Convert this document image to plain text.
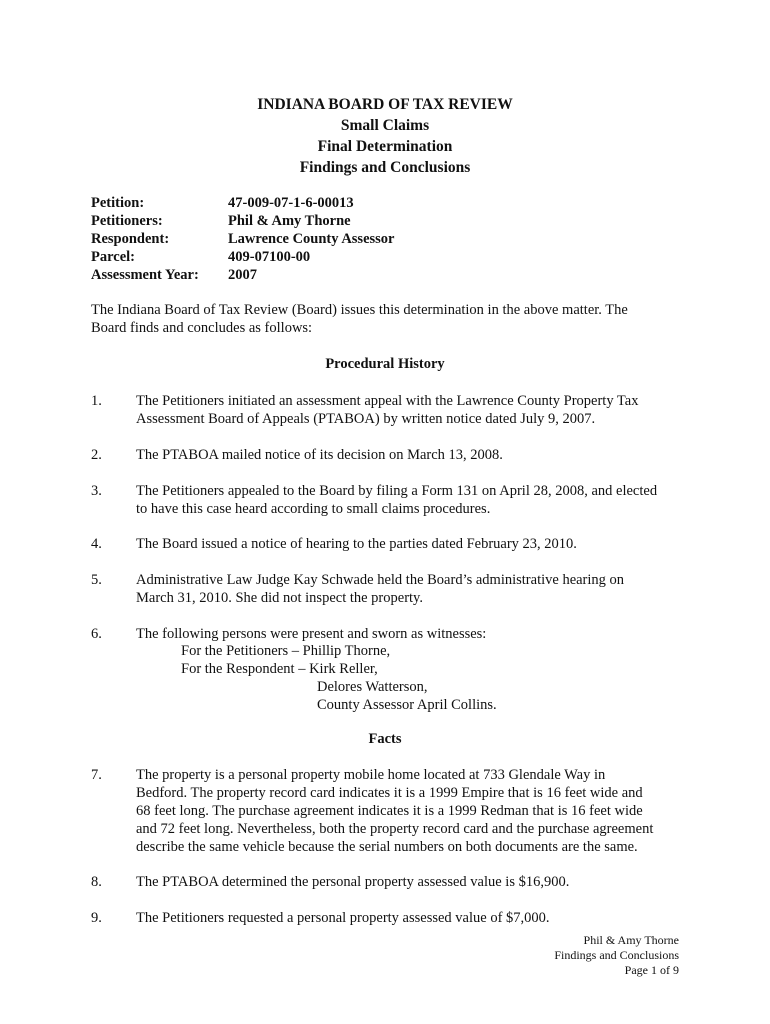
INDIANA BOARD OF TAX REVIEW
Small Claims
Final Determination
Findings and Conclusions
Petition:	47-009-07-1-6-00013
Petitioners:	Phil & Amy Thorne
Respondent:	Lawrence County Assessor
Parcel:	409-07100-00
Assessment Year: 2007
The Indiana Board of Tax Review (Board) issues this determination in the above matter. The
Board finds and concludes as follows:
Procedural History
1. The Petitioners initiated an assessment appeal with the Lawrence County Property Tax
Assessment Board of Appeals (PTABOA) by written notice dated July 9, 2007.
2. The PTABOA mailed notice of its decision on March 13, 2008.
3. The Petitioners appealed to the Board by filing a Form 131 on April 28, 2008, and elected
to have this case heard according to small claims procedures.
4. The Board issued a notice of hearing to the parties dated February 23, 2010.
5. Administrative Law Judge Kay Schwade held the Board’s administrative hearing on
March 31, 2010. She did not inspect the property.
6. The following persons were present and sworn as witnesses:
For the Petitioners – Phillip Thorne,
For the Respondent – Kirk Reller,
Delores Watterson,
County Assessor April Collins.
Facts
7. The property is a personal property mobile home located at 733 Glendale Way in
Bedford. The property record card indicates it is a 1999 Empire that is 16 feet wide and
68 feet long. The purchase agreement indicates it is a 1999 Redman that is 16 feet wide
and 72 feet long. Nevertheless, both the property record card and the purchase agreement
describe the same vehicle because the serial numbers on both documents are the same.
8. The PTABOA determined the personal property assessed value is $16,900.
9. The Petitioners requested a personal property assessed value of $7,000.
Phil & Amy Thorne
Findings and Conclusions
Page 1 of 9
